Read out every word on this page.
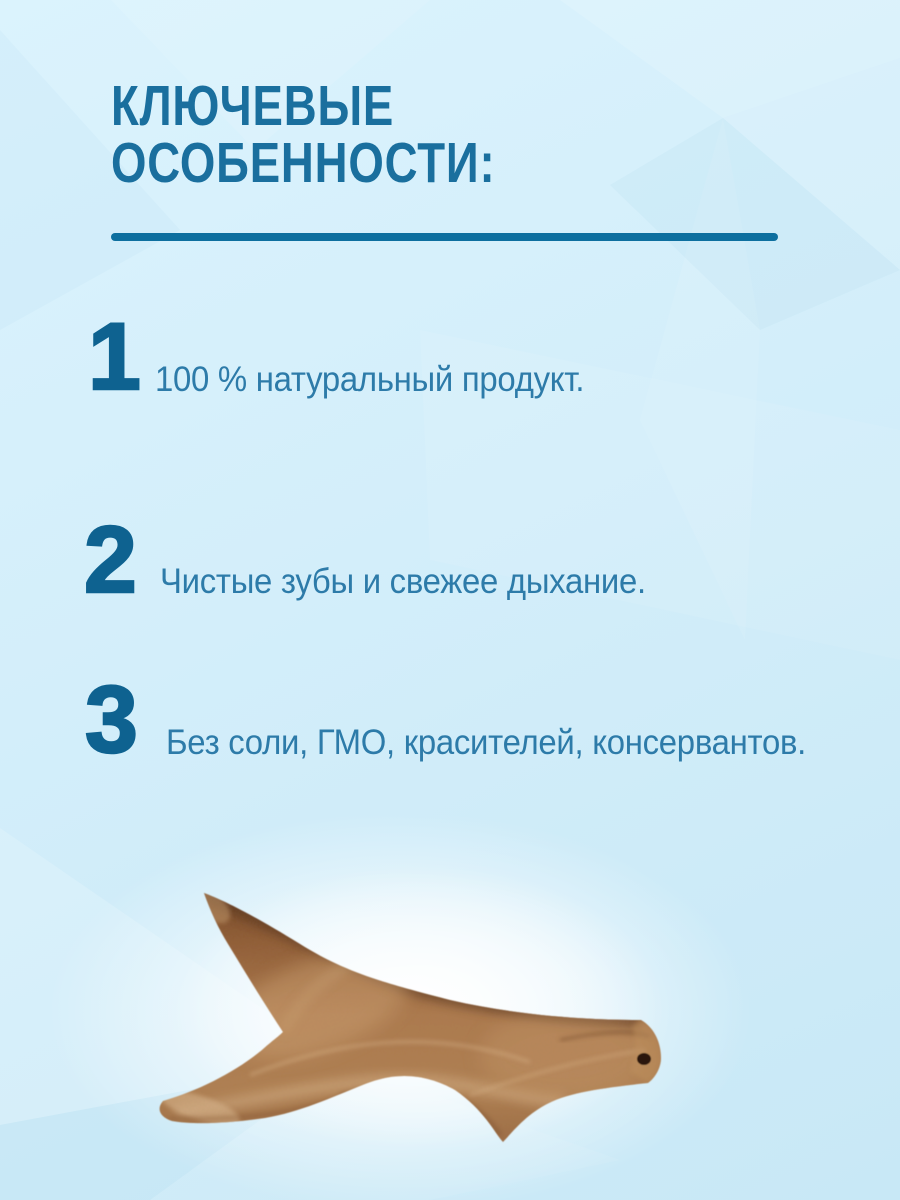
КЛЮЧЕВЫЕ
ОСОБЕННОСТИ:
1 100 % натуральный продукт.
2 Чистые зубы и свежее дыхание.
3 Без соли, ГМО, красителей, консервантов.
